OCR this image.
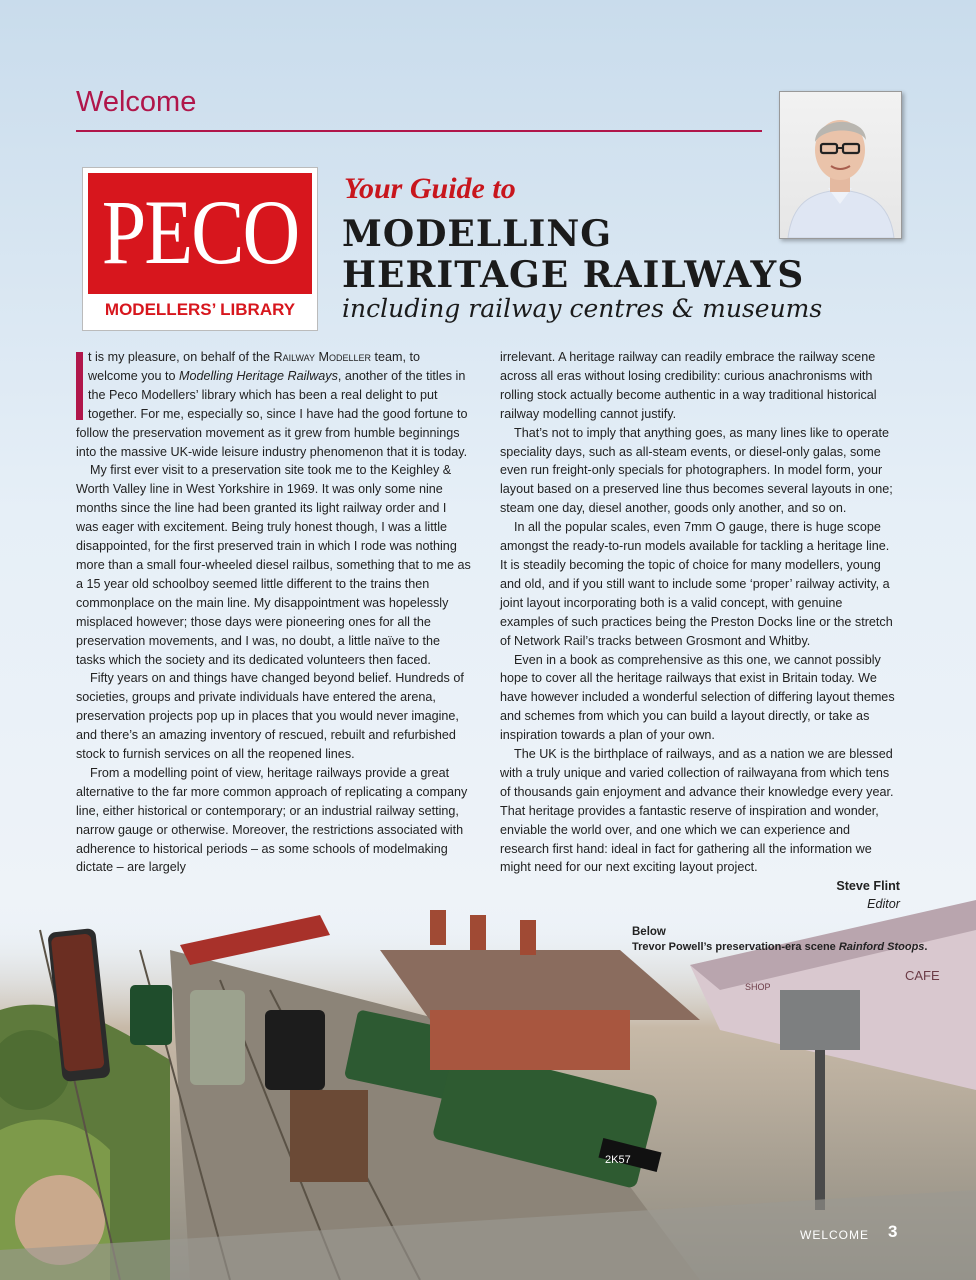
Welcome
PECO
MODELLERS’ LIBRARY
Your Guide to
MODELLING
HERITAGE RAILWAYS
including railway centres & museums

t is my pleasure, on behalf of the Railway Modeller team, to welcome you to Modelling Heritage Railways, another of the titles in the Peco Modellers’ library which has been a real delight to put together. For me, especially so, since I have had the good fortune to follow the preservation movement as it grew from humble beginnings into the massive UK-wide leisure industry phenomenon that it is today.

My first ever visit to a preservation site took me to the Keighley & Worth Valley line in West Yorkshire in 1969. It was only some nine months since the line had been granted its light railway order and I was eager with excitement. Being truly honest though, I was a little disappointed, for the first preserved train in which I rode was nothing more than a small four-wheeled diesel railbus, something that to me as a 15 year old schoolboy seemed little different to the trains then commonplace on the main line. My disappointment was hopelessly misplaced however; those days were pioneering ones for all the preservation movements, and I was, no doubt, a little naïve to the tasks which the society and its dedicated volunteers then faced.

Fifty years on and things have changed beyond belief. Hundreds of societies, groups and private individuals have entered the arena, preservation projects pop up in places that you would never imagine, and there’s an amazing inventory of rescued, rebuilt and refurbished stock to furnish services on all the reopened lines.

From a modelling point of view, heritage railways provide a great alternative to the far more common approach of replicating a company line, either historical or contemporary; or an industrial railway setting, narrow gauge or otherwise. Moreover, the restrictions associated with adherence to historical periods – as some schools of modelmaking dictate – are largely

irrelevant. A heritage railway can readily embrace the railway scene across all eras without losing credibility: curious anachronisms with rolling stock actually become authentic in a way traditional historical railway modelling cannot justify.

That’s not to imply that anything goes, as many lines like to operate speciality days, such as all-steam events, or diesel-only galas, some even run freight-only specials for photographers. In model form, your layout based on a preserved line thus becomes several layouts in one; steam one day, diesel another, goods only another, and so on.

In all the popular scales, even 7mm O gauge, there is huge scope amongst the ready-to-run models available for tackling a heritage line. It is steadily becoming the topic of choice for many modellers, young and old, and if you still want to include some ‘proper’ railway activity, a joint layout incorporating both is a valid concept, with genuine examples of such practices being the Preston Docks line or the stretch of Network Rail’s tracks between Grosmont and Whitby.

Even in a book as comprehensive as this one, we cannot possibly hope to cover all the heritage railways that exist in Britain today. We have however included a wonderful selection of differing layout themes and schemes from which you can build a layout directly, or take as inspiration towards a plan of your own.

The UK is the birthplace of railways, and as a nation we are blessed with a truly unique and varied collection of railwayana from which tens of thousands gain enjoyment and advance their knowledge every year. That heritage provides a fantastic reserve of inspiration and wonder, enviable the world over, and one which we can experience and research first hand: ideal in fact for gathering all the information we might need for our next exciting layout project.

Steve Flint
Editor
2K57
CAFE
SHOP
Below
Trevor Powell’s preservation-era scene Rainford Stoops.
WELCOME 3
